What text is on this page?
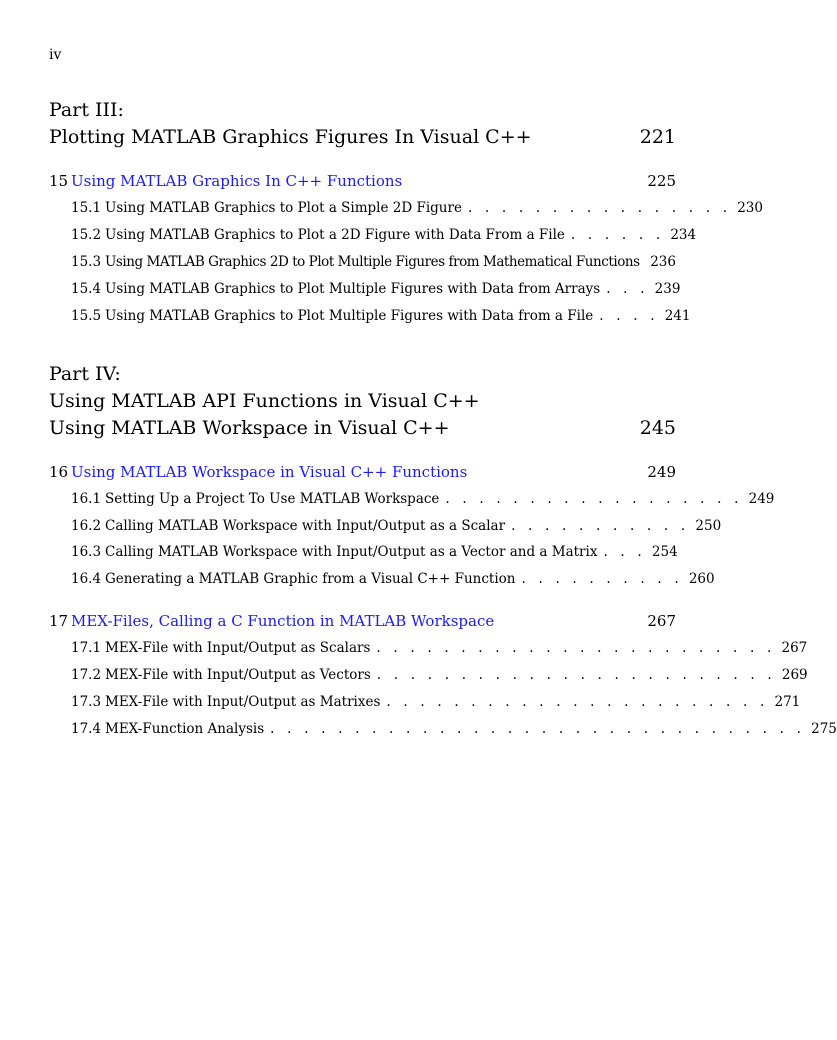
iv
Part III:
Plotting MATLAB Graphics Figures In Visual C++	221
15 Using MATLAB Graphics In C++ Functions	225
15.1 Using MATLAB Graphics to Plot a Simple 2D Figure . . . . . . . . . . . . . . . . 230
15.2 Using MATLAB Graphics to Plot a 2D Figure with Data From a File . . . . . . 234
15.3 Using MATLAB Graphics 2D to Plot Multiple Figures from Mathematical Functions 236
15.4 Using MATLAB Graphics to Plot Multiple Figures with Data from Arrays . . . 239
15.5 Using MATLAB Graphics to Plot Multiple Figures with Data from a File . . . . 241
Part IV:
Using MATLAB API Functions in Visual C++
Using MATLAB Workspace in Visual C++	245
16 Using MATLAB Workspace in Visual C++ Functions	249
16.1 Setting Up a Project To Use MATLAB Workspace . . . . . . . . . . . . . . . . . . 249
16.2 Calling MATLAB Workspace with Input/Output as a Scalar . . . . . . . . . . . 250
16.3 Calling MATLAB Workspace with Input/Output as a Vector and a Matrix . . . 254
16.4 Generating a MATLAB Graphic from a Visual C++ Function . . . . . . . . . . 260
17 MEX-Files, Calling a C Function in MATLAB Workspace	267
17.1 MEX-File with Input/Output as Scalars . . . . . . . . . . . . . . . . . . . . . . . . 267
17.2 MEX-File with Input/Output as Vectors . . . . . . . . . . . . . . . . . . . . . . . . 269
17.3 MEX-File with Input/Output as Matrixes . . . . . . . . . . . . . . . . . . . . . . . 271
17.4 MEX-Function Analysis . . . . . . . . . . . . . . . . . . . . . . . . . . . . . . . . 275
